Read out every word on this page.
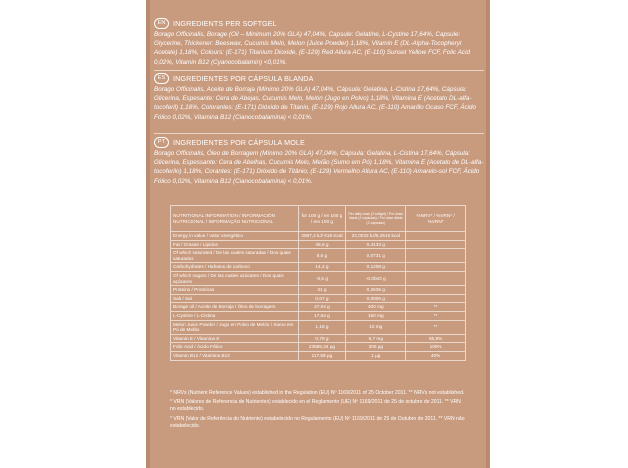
EN	INGREDIENTS PER SOFTGEL

Borago Officinalis, Borage (Oil – Minimum 20% GLA) 47,04%, Capsule: Gelatine, L-Cystine 17,64%, Capsule: Glycerine, Thickener: Beeswax, Cucumis Melo, Melon (Juice Powder) 1,18%, Vitamin E (DL-Alpha-Tocopheryl Acetate) 1,18%, Colours: (E-171) Titanium Dioxide, (E-129) Red Allura AC, (E-110) Sunset Yellow FCF, Folic Acid 0,02%, Vitamin B12 (Cyanocobalamin) <0,01%.

ES	INGREDIENTES POR CÁPSULA BLANDA

Borago Officinalis, Aceite de Borraja (Mínimo 20% GLA) 47,04%, Cápsula: Gelatina, L-Cistina 17,64%, Cápsula: Glicerina, Espesante: Cera de Abejas, Cucumis Melo, Melón (Jugo en Polvo) 1,18%, Vitamina E (Acetato DL-alfa-tocoferil) 1,18%, Colorantes: (E-171) Dióxido de Titanio, (E-129) Rojo Allura AC, (E-110) Amarillo Ocaso FCF, Ácido Fólico 0,02%, Vitamina B12 (Cianocobalamina) < 0,01%.

PT	INGREDIENTES POR CÁPSULA MOLE

Borago Officinalis, Óleo de Borragem (Mínimo 20% GLA) 47,04%, Cápsula: Gelatina, L-Cistina 17,64%, Cápsula: Glicerina, Espessante: Cera de Abelhas, Cucumis Melo, Melão (Sumo em Pó) 1,18%, Vitamina E (Acetato de DL-alfa-tocoferilo) 1,18%, Corantes: (E-171) Dióxido de Titânio, (E-129) Vermelho Allura AC, (E-110) Amarelo-sol FCF, Ácido Fólico 0,02%, Vitamina B12 (Cianocobalamina) < 0,01%.

NUTRITIONAL INFORMATION / INFORMACIÓN NUTRICIONAL / INFORMAÇÃO NUTRICIONAL	for 100 g / en 100 g / em 100 g	Per daily dose (2 softgel) / Por dosis diaria (2 cápsulas) / Por dose diária (2 cápsulas)	%NRV* / %VRN* / %VRN*
Energy in value / Valor energético	2587,4 kJ/ 618 Kcal	22,0032 kJ/5,2516 kcal	
Fat / Grasas / Lípidos	48,6 g	0,4133 g	
Of which saturated / De las cuales saturadas / Dos quais saturados	8,6 g	0,0731 g	
Carbohydrates / Hidratos de carbono	14,2 g	0,1208 g	
Of which sugars / De las cuales azúcares / Dos quais açúcares	-0,5 g	-0,0043 g	
Proteins / Proteínas	31 g	0,2636 g	
Salt / Sal	0,07 g	0,0006 g	
Borage oil / Aceite de Borraja / Óleo de borragem	47,04 g	400 mg	**
L-Cystine / L-Cistina	17,64 g	150 mg	**
Melon Juice Powder / Jugo en Polvo de Melón / Sumo em Pó de Melão	1,18 g	10 mg	**
Vitamin E / Vitamina E	0,79 g	6,7 mg	55,8%
Folic Acid / Ácido Fólico	23585,34 µg	200 µg	100%
Vitamin B12 / Vitamina B12	117,59 µg	1 µg	40%

* NRVs (Nutrient Reference Values) established in the Regulation (EU) Nº 1169/2011 of 25 October 2011. ** NRVs not established.

* VRN (Valores de Referencia de Nutrientes) establecido en el Reglamento (UE) Nº 1169/2011 de 25 de octubre de 2011. ** VRN no establecido.

* VRN (Valor de Referência do Nutriente) estabelecido no Regulamento (EU) Nº 1169/2011 de 25 de Outubro de 2011. ** VRN não estabelecido.
